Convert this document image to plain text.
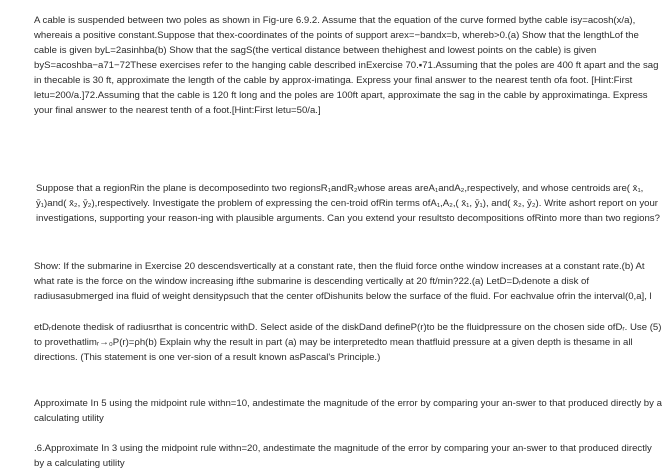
A cable is suspended between two poles as shown in Fig-ure 6.9.2. Assume that the equation of the curve formed bythe cable isy=acosh(x/a), whereais a positive constant.Suppose that thex-coordinates of the points of support arex=−bandx=b, whereb>0.(a) Show that the lengthLof the cable is given byL=2asinhba(b) Show that the sagS(the vertical distance between thehighest and lowest points on the cable) is given byS=acoshba−a71−72These exercises refer to the hanging cable described inExercise 70.▪71.Assuming that the poles are 400 ft apart and the sag in thecable is 30 ft, approximate the length of the cable by approx-imatinga. Express your final answer to the nearest tenth ofa foot. [Hint:First letu=200/a.]72.Assuming that the cable is 120 ft long and the poles are 100ft apart, approximate the sag in the cable by approximatinga. Express your final answer to the nearest tenth of a foot.[Hint:First letu=50/a.]

Suppose that a regionRin the plane is decomposedinto two regionsR₁andR₂whose areas areA₁andA₂,respectively, and whose centroids are( x̄₁, ȳ₁)and( x̄₂, ȳ₂),respectively. Investigate the problem of expressing the cen-troid ofRin terms ofA₁,A₂,( x̄₁, ȳ₁), and( x̄₂, ȳ₂). Write ashort report on your investigations, supporting your reason-ing with plausible arguments. Can you extend your resultsto decompositions ofRinto more than two regions?

Show: If the submarine in Exercise 20 descendsvertically at a constant rate, then the fluid force onthe window increases at a constant rate.(b) At what rate is the force on the window increasing ifthe submarine is descending vertically at 20 ft/min?22.(a) LetD=Dᵣdenote a disk of radiusasubmerged ina fluid of weight densityρsuch that the center ofDishunits below the surface of the fluid. For eachvalue ofrin the interval(0,a], l

etDᵣdenote thedisk of radiusrthat is concentric withD. Select aside of the diskDand defineP(r)to be the fluidpressure on the chosen side ofDᵣ. Use (5) to provethatlimᵣ→₀P(r)=ρh(b) Explain why the result in part (a) may be interpretedto mean thatfluid pressure at a given depth is thesame in all directions. (This statement is one ver-sion of a result known asPascal's Principle.)

Approximate In 5 using the midpoint rule withn=10, andestimate the magnitude of the error by comparing your an-swer to that produced directly by a calculating utility

.6.Approximate In 3 using the midpoint rule withn=20, andestimate the magnitude of the error by comparing your an-swer to that produced directly by a calculating utility
